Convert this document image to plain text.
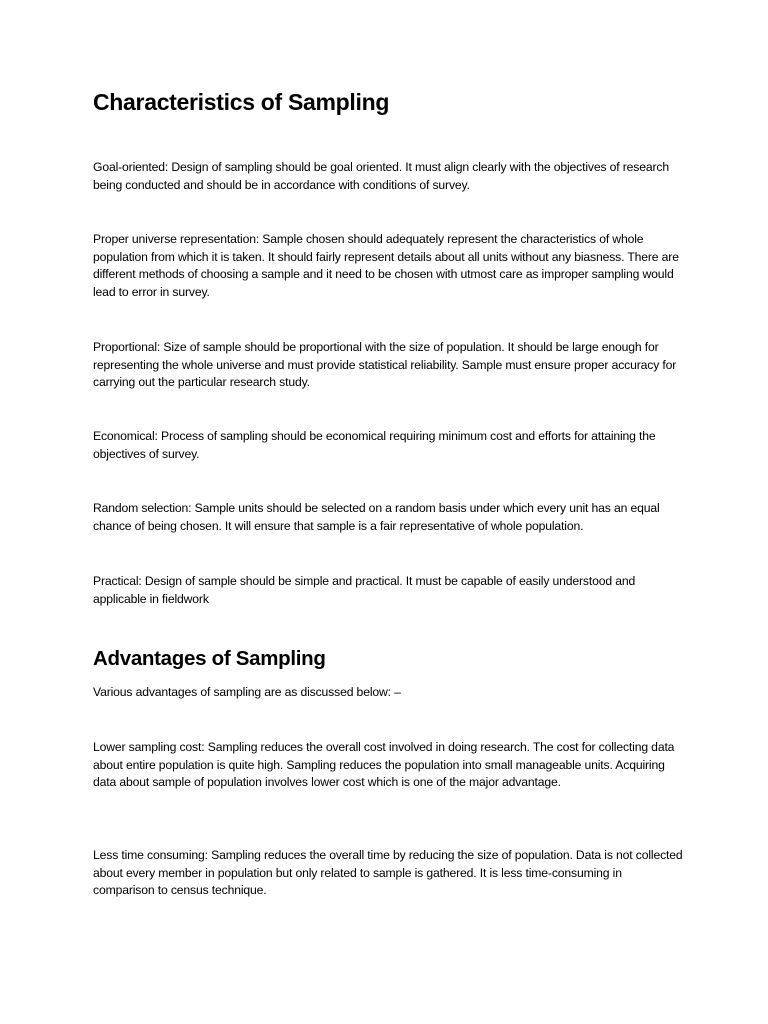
Characteristics of Sampling

Goal-oriented: Design of sampling should be goal oriented. It must align clearly with the objectives of research being conducted and should be in accordance with conditions of survey.

Proper universe representation: Sample chosen should adequately represent the characteristics of whole population from which it is taken. It should fairly represent details about all units without any biasness. There are different methods of choosing a sample and it need to be chosen with utmost care as improper sampling would lead to error in survey.

Proportional: Size of sample should be proportional with the size of population. It should be large enough for representing the whole universe and must provide statistical reliability. Sample must ensure proper accuracy for carrying out the particular research study.

Economical: Process of sampling should be economical requiring minimum cost and efforts for attaining the objectives of survey.

Random selection: Sample units should be selected on a random basis under which every unit has an equal chance of being chosen. It will ensure that sample is a fair representative of whole population.

Practical: Design of sample should be simple and practical. It must be capable of easily understood and applicable in fieldwork

Advantages of Sampling

Various advantages of sampling are as discussed below: –

Lower sampling cost: Sampling reduces the overall cost involved in doing research. The cost for collecting data about entire population is quite high. Sampling reduces the population into small manageable units. Acquiring data about sample of population involves lower cost which is one of the major advantage.

Less time consuming: Sampling reduces the overall time by reducing the size of population. Data is not collected about every member in population but only related to sample is gathered. It is less time-consuming in comparison to census technique.
